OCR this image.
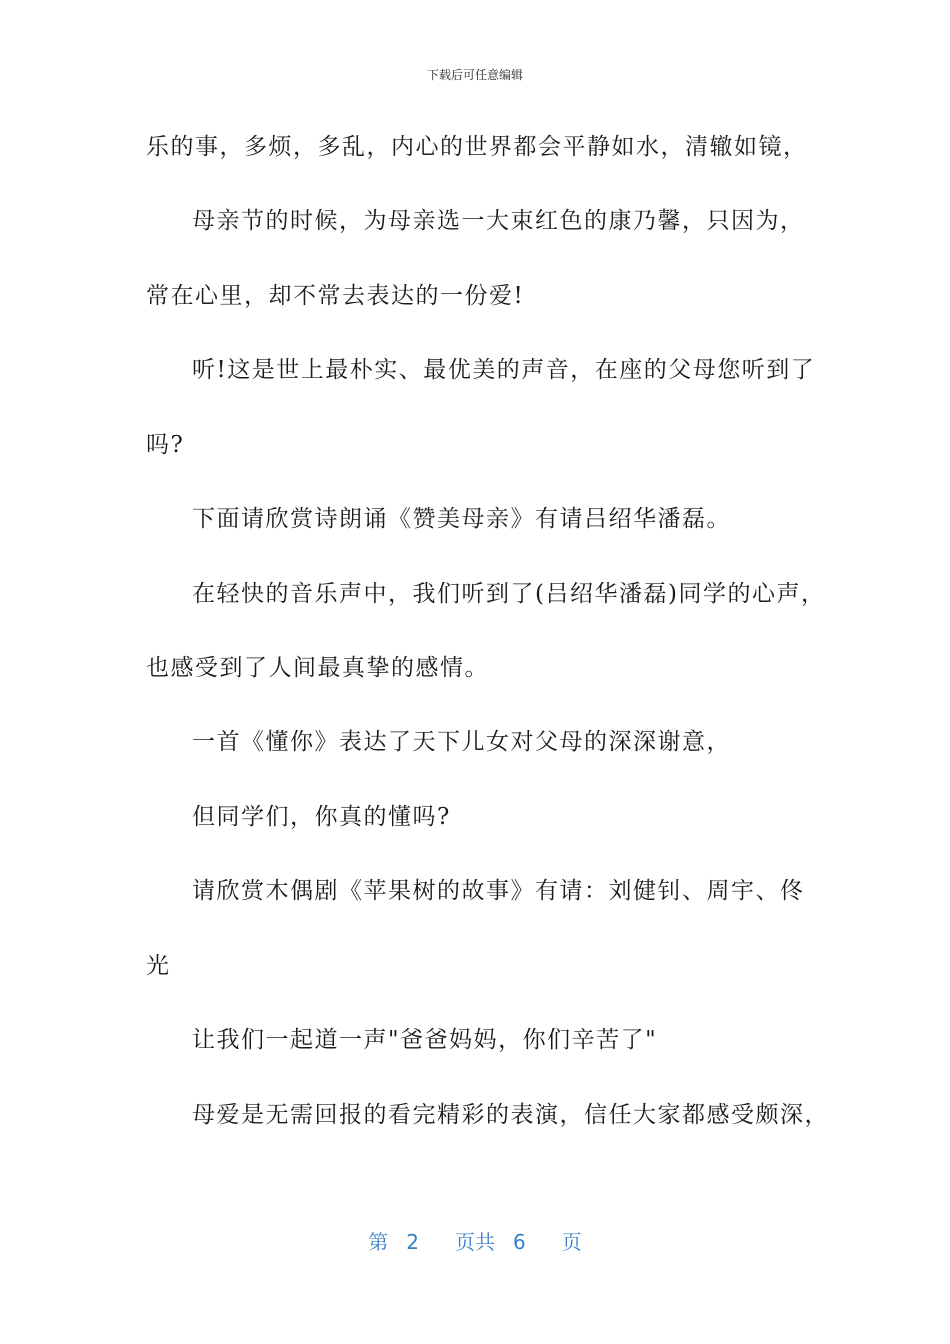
下载后可任意编辑
乐的事，多烦，多乱，内心的世界都会平静如水，清辙如镜，
母亲节的时候，为母亲选一大束红色的康乃馨，只因为，
常在心里，却不常去表达的一份爱!
听!这是世上最朴实、最优美的声音，在座的父母您听到了
吗?
下面请欣赏诗朗诵《赞美母亲》有请吕绍华潘磊。
在轻快的音乐声中，我们听到了(吕绍华潘磊)同学的心声，
也感受到了人间最真挚的感情。
一首《懂你》表达了天下儿女对父母的深深谢意，
但同学们，你真的懂吗?
请欣赏木偶剧《苹果树的故事》有请：刘健钊、周宇、佟
光
让我们一起道一声"爸爸妈妈，你们辛苦了"
母爱是无需回报的看完精彩的表演，信任大家都感受颇深，
第 2 页共 6 页
